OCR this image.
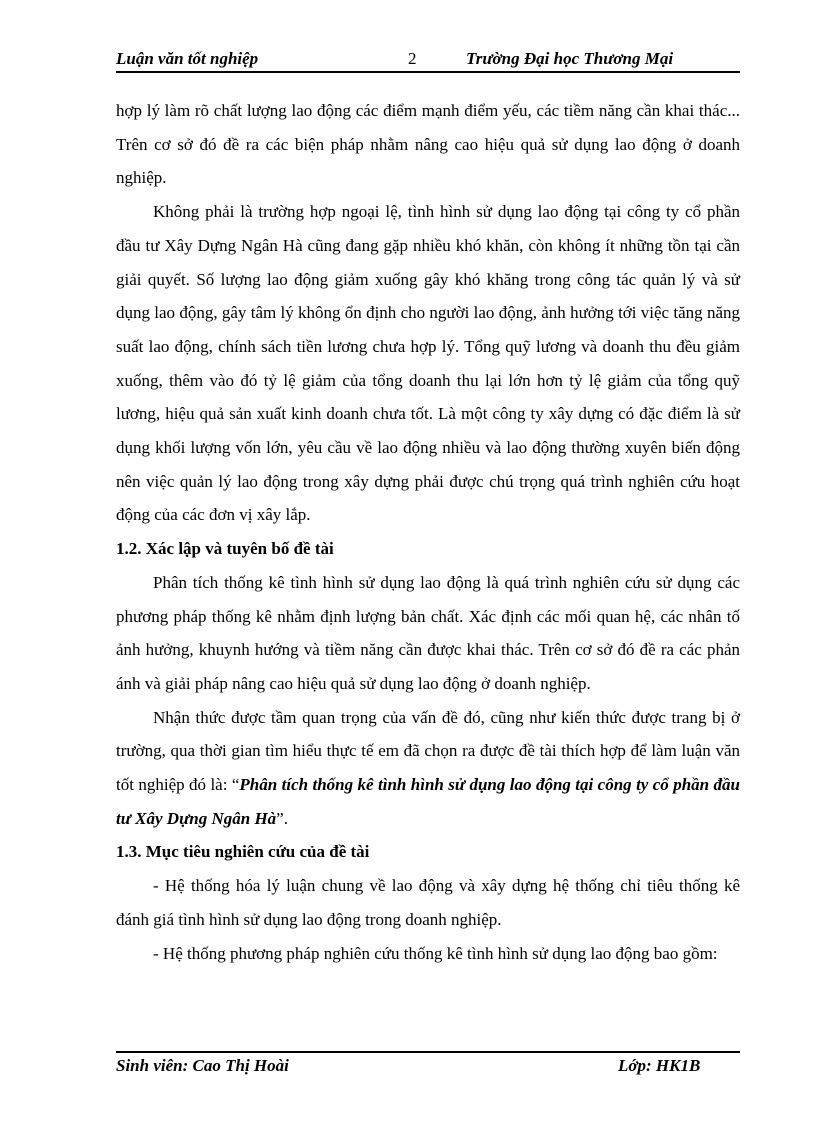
Luận văn tốt nghiệp	2	Trường Đại học Thương Mại

hợp lý làm rõ chất lượng lao động các điểm mạnh điểm yếu, các tiềm năng cần khai thác... Trên cơ sở đó đề ra các biện pháp nhằm nâng cao hiệu quả sử dụng lao động ở doanh nghiệp.

Không phải là trường hợp ngoại lệ, tình hình sử dụng lao động tại công ty cổ phần đầu tư Xây Dựng Ngân Hà cũng đang gặp nhiều khó khăn, còn không ít những tồn tại cần giải quyết. Số lượng lao động giảm xuống gây khó khăng trong công tác quản lý và sử dụng lao động, gây tâm lý không ổn định cho người lao động, ảnh hưởng tới việc tăng năng suất lao động, chính sách tiền lương chưa hợp lý. Tổng quỹ lương và doanh thu đều giảm xuống, thêm vào đó tỷ lệ giảm của tổng doanh thu lại lớn hơn tỷ lệ giảm của tổng quỹ lương, hiệu quả sản xuất kinh doanh chưa tốt. Là một công ty xây dựng có đặc điểm là sử dụng khối lượng vốn lớn, yêu cầu về lao động nhiều và lao động thường xuyên biến động nên việc quản lý lao động trong xây dựng phải được chú trọng quá trình nghiên cứu hoạt động của các đơn vị xây lắp.

1.2. Xác lập và tuyên bố đề tài

Phân tích thống kê tình hình sử dụng lao động là quá trình nghiên cứu sử dụng các phương pháp thống kê nhằm định lượng bản chất. Xác định các mối quan hệ, các nhân tố ảnh hưởng, khuynh hướng và tiềm năng cần được khai thác. Trên cơ sở đó đề ra các phản ánh và giải pháp nâng cao hiệu quả sử dụng lao động ở doanh nghiệp.

Nhận thức được tầm quan trọng của vấn đề đó, cũng như kiến thức được trang bị ở trường, qua thời gian tìm hiểu thực tế em đã chọn ra được đề tài thích hợp để làm luận văn tốt nghiệp đó là: “Phân tích thống kê tình hình sử dụng lao động tại công ty cổ phần đầu tư Xây Dựng Ngân Hà”.

1.3. Mục tiêu nghiên cứu của đề tài

- Hệ thống hóa lý luận chung về lao động và xây dựng hệ thống chỉ tiêu thống kê đánh giá tình hình sử dụng lao động trong doanh nghiệp.

- Hệ thống phương pháp nghiên cứu thống kê tình hình sử dụng lao động bao gồm:

Sinh viên: Cao Thị Hoài	Lớp: HK1B
